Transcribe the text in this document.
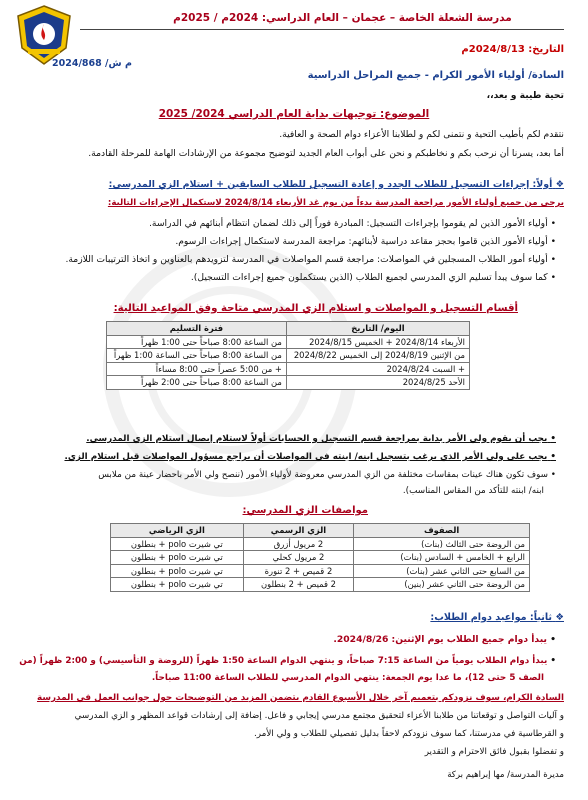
مدرسة الشعلة الخاصة – عجمان – العام الدراسي: 2024م / 2025م
التاريخ: 2024/8/13م
م ش/ 2024/868
السادة/ أولياء الأمور الكرام - جميع المراحل الدراسية
تحية طيبة و بعد،،
الموضوع: توجيهات بداية العام الدراسي 2024/ 2025
نتقدم لكم بأطيب التحية و نتمنى لكم و لطلابنا الأعزاء دوام الصحة و العافية.
أما بعد، يسرنا أن نرحب بكم و نخاطبكم و نحن على أبواب العام الجديد لتوضيح مجموعة من الإرشادات الهامة للمرحلة القادمة.
❖ أولاً: إجراءات التسجيل للطلاب الجدد و إعادة التسجيل للطلاب السابقين + استلام الزي المدرسي:
يرجى من جميع أولياء الأمور مراجعة المدرسة بدءاً من يوم غد الأربعاء 2024/8/14 لاستكمال الإجراءات التالية:
• أولياء الأمور الذين لم يقوموا بإجراءات التسجيل: المبادرة فوراً إلى ذلك لضمان انتظام أبنائهم في الدراسة.
• أولياء الأمور الذين قاموا بحجز مقاعد دراسية لأبنائهم: مراجعة المدرسة لاستكمال إجراءات الرسوم.
• أولياء أمور الطلاب المسجلين في المواصلات: مراجعة قسم المواصلات في المدرسة لتزويدهم بالعناوين و اتخاذ الترتيبات اللازمة.
• كما سوف يبدأ تسليم الزي المدرسي لجميع الطلاب (الذين يستكملون جميع إجراءات التسجيل).
أقسام التسجيل و المواصلات و استلام الزي المدرسي متاحة وفق المواعيد التالية:
اليوم/ التاريخ	فترة التسليم
الأربعاء 2024/8/14 + الخميس 2024/8/15	من الساعة 8:00 صباحاً حتى 1:00 ظهراً
من الإثنين 2024/8/19 إلى الخميس 2024/8/22	من الساعة 8:00 صباحاً حتى الساعة 1:00 ظهراً
+ السبت 2024/8/24	+ من 5:00 عصراً حتى 8:00 مساءاً
الأحد 2024/8/25	من الساعة 8:00 صباحاً حتى 2:00 ظهراً
• يجب أن يقوم ولي الأمر بداية بمراجعة قسم التسجيل و الحسابات أولاً لاستلام إيصال استلام الزي المدرسي.
• يجب على ولي الأمر الذي يرغب بتسجيل ابنه/ ابنته في المواصلات أن يراجع مسؤول المواصلات قبل استلام الزي.
• سوف تكون هناك عينات بمقاسات مختلفة من الزي المدرسي معروضة لأولياء الأمور (ننصح ولي الأمر باحضار عينة من ملابس
ابنه/ ابنته للتأكد من المقاس المناسب).
مواصفات الزي المدرسي:
الصفوف	الزي الرسمي	الزي الرياضي
من الروضة حتى الثالث (بنات)	2 مريول أزرق	تي شيرت polo + بنطلون
الرابع + الخامس + السادس (بنات)	2 مريول كحلي	تي شيرت polo + بنطلون
من السابع حتى الثاني عشر (بنات)	2 قميص + 2 تنورة	تي شيرت polo + بنطلون
من الروضة حتى الثاني عشر (بنين)	2 قميص + 2 بنطلون	تي شيرت polo + بنطلون
❖ ثانياً: مواعيد دوام الطلاب:
• يبدأ دوام جميع الطلاب يوم الإثنين: 2024/8/26.
• يبدأ دوام الطلاب يومياً من الساعة 7:15 صباحاً، و ينتهي الدوام الساعة 1:50 ظهراً (للروضة و التأسيسي) و 2:00 ظهراً (من
الصف 5 حتى 12)، ما عدا يوم الجمعة: ينتهي الدوام المدرسي للطلاب الساعة 11:00 صباحاً.
السادة الكرام، سوف نزودكم بتعميم آخر خلال الأسبوع القادم يتضمن المزيد من التوضيحات حول جوانب العمل في المدرسة
و آليات التواصل و توقعاتنا من طلابنا الأعزاء لتحقيق مجتمع مدرسي إيجابي و فاعل. إضافة إلى إرشادات قواعد المظهر و الزي المدرسي
و القرطاسية في مدرستنا، كما سوف نزودكم لاحقاً بدليل تفصيلي للطلاب و ولي الأمر.
و تفضلوا بقبول فائق الاحترام و التقدير
مديرة المدرسة/ مها إبراهيم بركة
